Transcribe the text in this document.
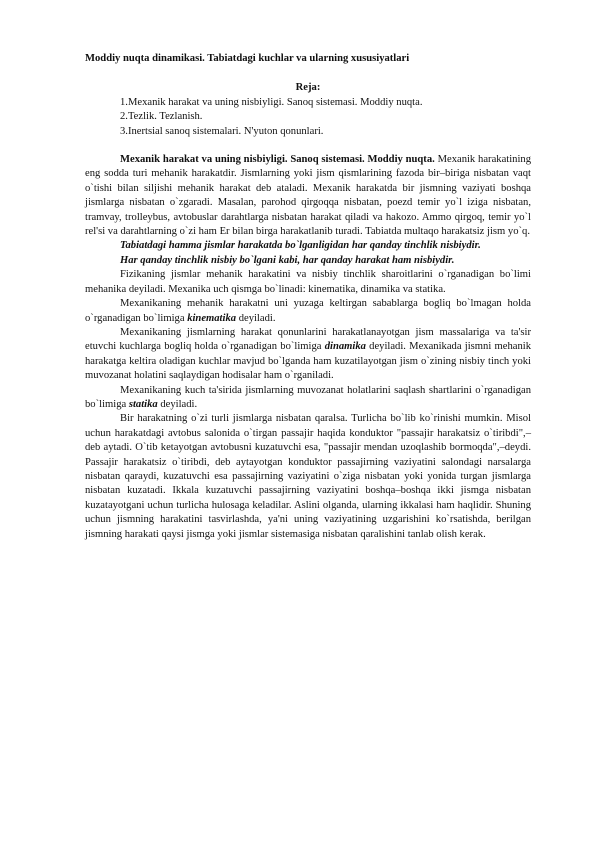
Moddiy nuqta dinamikasi. Tabiatdagi kuchlar va ularning xususiyatlari
Reja:
1.Mexanik harakat va uning nisbiyligi. Sanoq sistemasi. Moddiy nuqta.
2.Tezlik. Tezlanish.
3.Inertsial sanoq sistemalari. N'yuton qonunlari.

Mexanik harakat va uning nisbiyligi. Sanoq sistemasi. Moddiy nuqta. Mexanik harakatining eng sodda turi mehanik harakatdir. Jismlarning yoki jism qismlarining fazoda bir–biriga nisbatan vaqt o`tishi bilan siljishi mehanik harakat deb ataladi. Mexanik harakatda bir jismning vaziyati boshqa jismlarga nisbatan o`zgaradi. Masalan, parohod qirgoqqa nisbatan, poezd temir yo`l iziga nisbatan, tramvay, trolleybus, avtobuslar darahtlarga nisbatan harakat qiladi va hakozo. Ammo qirgoq, temir yo`l rel'si va darahtlarning o`zi ham Er bilan birga harakatlanib turadi. Tabiatda multaqo harakatsiz jism yo`q.

Tabiatdagi hamma jismlar harakatda bo`lganligidan har qanday tinchlik nisbiydir.

Har qanday tinchlik nisbiy bo`lgani kabi, har qanday harakat ham nisbiydir.

Fizikaning jismlar mehanik harakatini va nisbiy tinchlik sharoitlarini o`rganadigan bo`limi mehanika deyiladi. Mexanika uch qismga bo`linadi: kinematika, dinamika va statika.

Mexanikaning mehanik harakatni uni yuzaga keltirgan sabablarga bogliq bo`lmagan holda o`rganadigan bo`limiga kinematika deyiladi.

Mexanikaning jismlarning harakat qonunlarini harakatlanayotgan jism massalariga va ta'sir etuvchi kuchlarga bogliq holda o`rganadigan bo`limiga dinamika deyiladi. Mexanikada jismni mehanik harakatga keltira oladigan kuchlar mavjud bo`lganda ham kuzatilayotgan jism o`zining nisbiy tinch yoki muvozanat holatini saqlaydigan hodisalar ham o`rganiladi.

Mexanikaning kuch ta'sirida jismlarning muvozanat holatlarini saqlash shartlarini o`rganadigan bo`limiga statika deyiladi.

Bir harakatning o`zi turli jismlarga nisbatan qaralsa. Turlicha bo`lib ko`rinishi mumkin. Misol uchun harakatdagi avtobus salonida o`tirgan passajir haqida konduktor "passajir harakatsiz o`tiribdi",–deb aytadi. O`tib ketayotgan avtobusni kuzatuvchi esa, "passajir mendan uzoqlashib bormoqda",–deydi. Passajir harakatsiz o`tiribdi, deb aytayotgan konduktor passajirning vaziyatini salondagi narsalarga nisbatan qaraydi, kuzatuvchi esa passajirning vaziyatini o`ziga nisbatan yoki yonida turgan jismlarga nisbatan kuzatadi. Ikkala kuzatuvchi passajirning vaziyatini boshqa–boshqa ikki jismga nisbatan kuzatayotgani uchun turlicha hulosaga keladilar. Aslini olganda, ularning ikkalasi ham haqlidir. Shuning uchun jismning harakatini tasvirlashda, ya'ni uning vaziyatining uzgarishini ko`rsatishda, berilgan jismning harakati qaysi jismga yoki jismlar sistemasiga nisbatan qaralishini tanlab olish kerak.
